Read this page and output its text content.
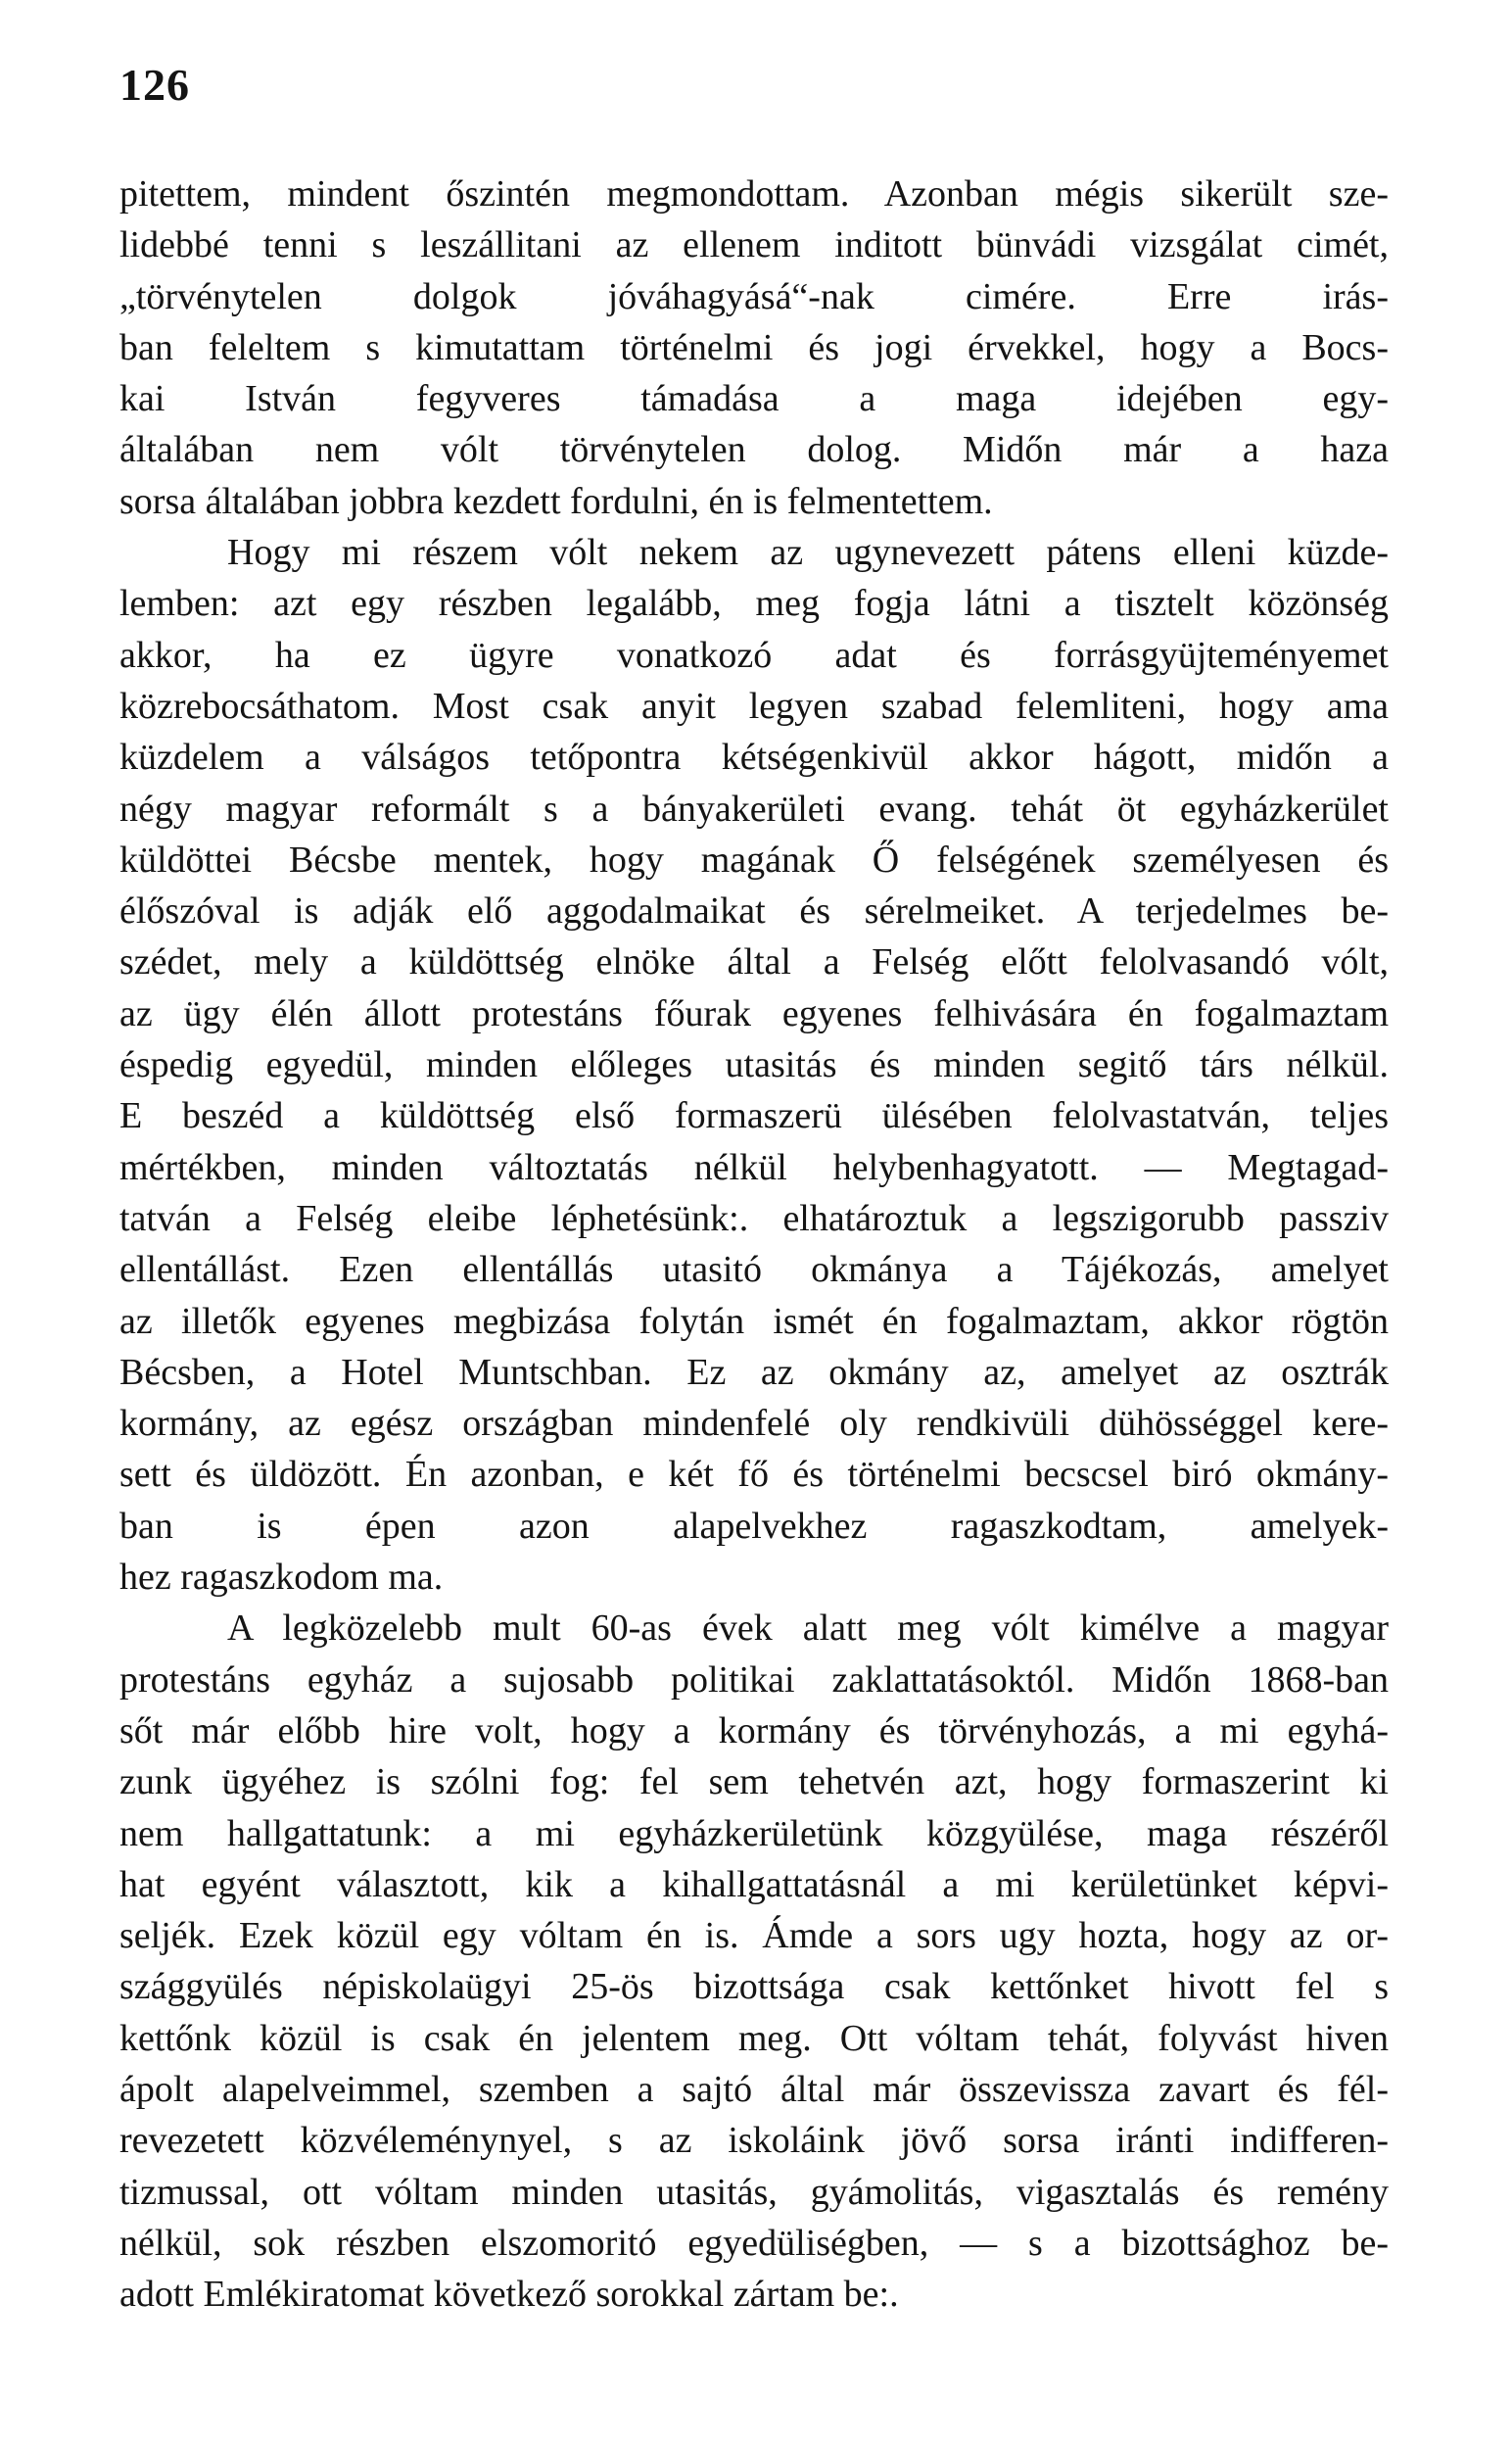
126
pitettem, mindent őszintén megmondottam. Azonban mégis sikerült sze-
lidebbé tenni s leszállitani az ellenem inditott bünvádi vizsgálat cimét,
„törvénytelen dolgok jóváhagyásá“-nak cimére. Erre irás-
ban feleltem s kimutattam történelmi és jogi érvekkel, hogy a Bocs-
kai István fegyveres támadása a maga idejében egy-
általában nem vólt törvénytelen dolog. Midőn már a haza
sorsa általában jobbra kezdett fordulni, én is felmentettem.
Hogy mi részem vólt nekem az ugynevezett pátens elleni küzde-
lemben: azt egy részben legalább, meg fogja látni a tisztelt közönség
akkor, ha ez ügyre vonatkozó adat és forrásgyüjteményemet
közrebocsáthatom. Most csak anyit legyen szabad felemliteni, hogy ama
küzdelem a válságos tetőpontra kétségenkivül akkor hágott, midőn a
négy magyar reformált s a bányakerületi evang. tehát öt egyházkerület
küldöttei Bécsbe mentek, hogy magának Ő felségének személyesen és
élőszóval is adják elő aggodalmaikat és sérelmeiket. A terjedelmes be-
szédet, mely a küldöttség elnöke által a Felség előtt felolvasandó vólt,
az ügy élén állott protestáns főurak egyenes felhivására én fogalmaztam
éspedig egyedül, minden előleges utasitás és minden segitő társ nélkül.
E beszéd a küldöttség első formaszerü ülésében felolvastatván, teljes
mértékben, minden változtatás nélkül helybenhagyatott. — Megtagad-
tatván a Felség eleibe léphetésünk:. elhatároztuk a legszigorubb passziv
ellentállást. Ezen ellentállás utasitó okmánya a Tájékozás, amelyet
az illetők egyenes megbizása folytán ismét én fogalmaztam, akkor rögtön
Bécsben, a Hotel Muntschban. Ez az okmány az, amelyet az osztrák
kormány, az egész országban mindenfelé oly rendkivüli dühösséggel kere-
sett és üldözött. Én azonban, e két fő és történelmi becscsel biró okmány-
ban is épen azon alapelvekhez ragaszkodtam, amelyek-
hez ragaszkodom ma.
A legközelebb mult 60-as évek alatt meg vólt kimélve a magyar
protestáns egyház a sujosabb politikai zaklattatásoktól. Midőn 1868-ban
sőt már előbb hire volt, hogy a kormány és törvényhozás, a mi egyhá-
zunk ügyéhez is szólni fog: fel sem tehetvén azt, hogy formaszerint ki
nem hallgattatunk: a mi egyházkerületünk közgyülése, maga részéről
hat egyént választott, kik a kihallgattatásnál a mi kerületünket képvi-
seljék. Ezek közül egy vóltam én is. Ámde a sors ugy hozta, hogy az or-
szággyülés népiskolaügyi 25-ös bizottsága csak kettőnket hivott fel s
kettőnk közül is csak én jelentem meg. Ott vóltam tehát, folyvást hiven
ápolt alapelveimmel, szemben a sajtó által már összevissza zavart és fél-
revezetett közvéleménynyel, s az iskoláink jövő sorsa iránti indifferen-
tizmussal, ott vóltam minden utasitás, gyámolitás, vigasztalás és remény
nélkül, sok részben elszomoritó egyedüliségben, — s a bizottsághoz be-
adott Emlékiratomat következő sorokkal zártam be:.
